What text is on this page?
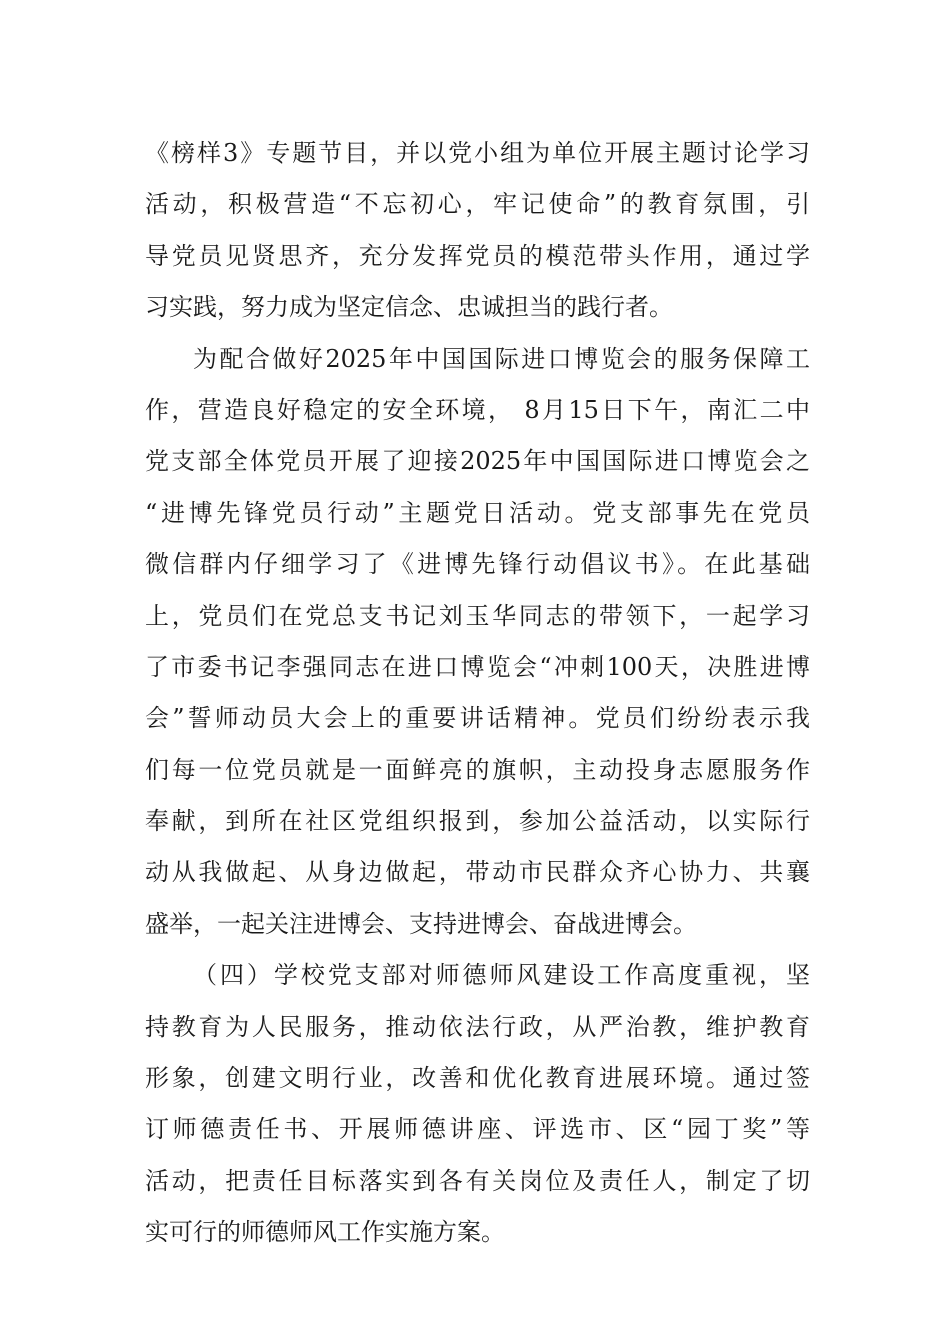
《榜样3》专题节目，并以党小组为单位开展主题讨论学习
活动，积极营造“不忘初心，牢记使命”的教育氛围，引
导党员见贤思齐，充分发挥党员的模范带头作用，通过学
习实践，努力成为坚定信念、忠诚担当的践行者。
为配合做好2025年中国国际进口博览会的服务保障工
作，营造良好稳定的安全环境， 8月15日下午，南汇二中
党支部全体党员开展了迎接2025年中国国际进口博览会之
“进博先锋党员行动”主题党日活动。党支部事先在党员
微信群内仔细学习了《进博先锋行动倡议书》。在此基础
上，党员们在党总支书记刘玉华同志的带领下，一起学习
了市委书记李强同志在进口博览会“冲刺100天，决胜进博
会”誓师动员大会上的重要讲话精神。党员们纷纷表示我
们每一位党员就是一面鲜亮的旗帜，主动投身志愿服务作
奉献，到所在社区党组织报到，参加公益活动，以实际行
动从我做起、从身边做起，带动市民群众齐心协力、共襄
盛举，一起关注进博会、支持进博会、奋战进博会。
（四）学校党支部对师德师风建设工作高度重视，坚
持教育为人民服务，推动依法行政，从严治教，维护教育
形象，创建文明行业，改善和优化教育进展环境。通过签
订师德责任书、开展师德讲座、评选市、区“园丁奖”等
活动，把责任目标落实到各有关岗位及责任人，制定了切
实可行的师德师风工作实施方案。
